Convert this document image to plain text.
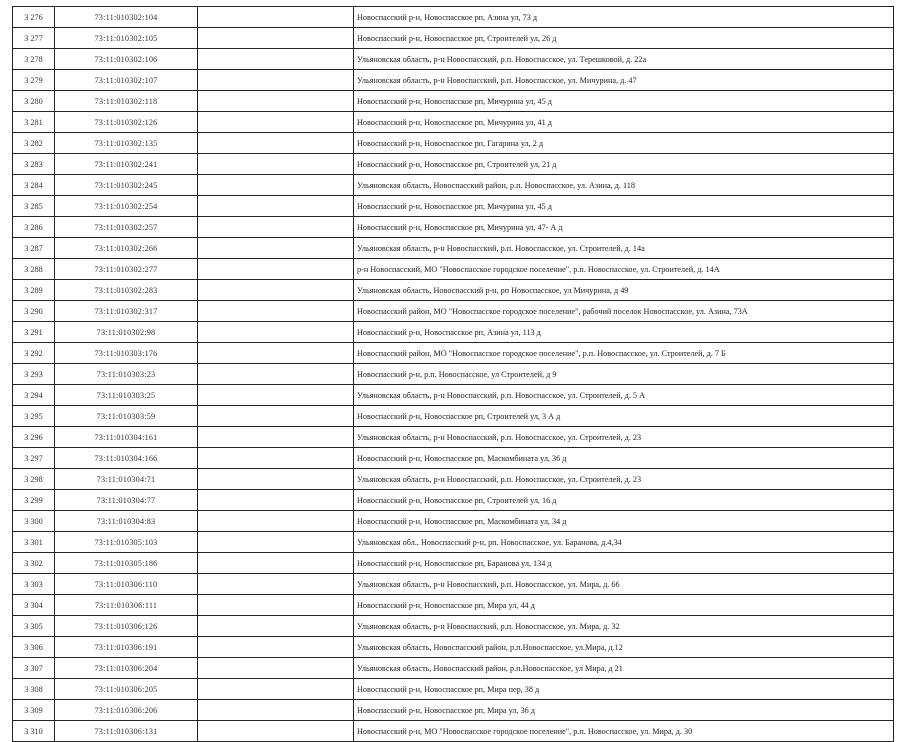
3 276	73:11:010302:104		Новоспасский р-н, Новоспасское рп, Азина ул, 73 д

3 277	73:11:010302:105		Новоспасский р-н, Новоспасское рп, Строителей ул, 26 д

3 278	73:11:010302:106		Ульяновская область, р-н Новоспасский, р.п. Новоспасское, ул. Терешковой, д. 22а

3 279	73:11:010302:107		Ульяновская область, р-н Новоспасский, р.п. Новоспасское, ул. Мичурина, д. 47

3 280	73:11:010302:118		Новоспасский р-н, Новоспасское рп, Мичурина ул, 45 д

3 281	73:11:010302:126		Новоспасский р-н, Новоспасское рп, Мичурина ул, 41 д

3 282	73:11:010302:135		Новоспасский р-н, Новоспасское рп, Гагарина ул, 2 д

3 283	73:11:010302:241		Новоспасский р-н, Новоспасское рп, Строителей ул, 21 д

3 284	73:11:010302:245		Ульяновская область, Новоспасский район, р.п. Новоспасское, ул. Азина, д. 118

3 285	73:11:010302:254		Новоспасский р-н, Новоспасское рп, Мичурина ул, 45 д

3 286	73:11:010302:257		Новоспасский р-н, Новоспасское рп, Мичурина ул, 47- А д

3 287	73:11:010302:266		Ульяновская область, р-н Новоспасский, р.п. Новоспасское, ул. Строителей, д. 14а

3 288	73:11:010302:277		р-н Новоспасский, МО "Новоспасское городское поселение", р.п. Новоспасское, ул. Строителей, д. 14А

3 289	73:11:010302:283		Ульяновская область, Новоспасский р-н, рп Новоспасское, ул Мичурина, д 49

3 290	73:11:010302:317		Новоспасский район, МО "Новоспасское городское поселение", рабочий поселок Новоспасское, ул. Азина, 73А

3 291	73:11:010302:98		Новоспасский р-н, Новоспасское рп, Азина ул, 113 д

3 292	73:11:010303:176		Новоспасский район, МО "Новоспасское городское поселение", р.п. Новоспасское, ул. Строителей, д. 7 Б

3 293	73:11:010303:23		Новоспасский р-н, р.п. Новоспасское, ул Строителей, д 9

3 294	73:11:010303:25		Ульяновская область, р-н Новоспасский, р.п. Новоспасское, ул. Строителей, д. 5 А

3 295	73:11:010303:59		Новоспасский р-н, Новоспасское рп, Строителей ул, 3 А д

3 296	73:11:010304:161		Ульяновская область, р-н Новоспасский, р.п. Новоспасское, ул. Строителей, д. 23

3 297	73:11:010304:166		Новоспасский р-н, Новоспасское рп, Маскомбината ул, 36 д

3 298	73:11:010304:71		Ульяновская область, р-н Новоспасский, р.п. Новоспасское, ул. Строителей, д. 23

3 299	73:11:010304:77		Новоспасский р-н, Новоспасское рп, Строителей ул, 16 д

3 300	73:11:010304:83		Новоспасский р-н, Новоспасское рп, Маскомбината ул, 34 д

3 301	73:11:010305:103		Ульяновская обл., Новоспасский р-н, рп. Новоспасское, ул. Баранова, д.4,34

3 302	73:11:010305:186		Новоспасский р-н, Новоспасское рп, Баранова ул, 134 д

3 303	73:11:010306:110		Ульяновская область, р-н Новоспасский, р.п. Новоспасское, ул. Мира, д. 66

3 304	73:11:010306:111		Новоспасский р-н, Новоспасское рп, Мира ул, 44 д

3 305	73:11:010306:126		Ульяновская область, р-н Новоспасский, р.п. Новоспасское, ул. Мира, д. 32

3 306	73:11:010306:191		Ульяновская область, Новоспасский район, р.п.Новоспасское, ул.Мира, д.12

3 307	73:11:010306:204		Ульяновская область, Новоспасский район, р.п.Новоспасское, ул Мира, д 21

3 308	73:11:010306:205		Новоспасский р-н, Новоспасское рп, Мира пер, 38 д

3 309	73:11:010306:206		Новоспасский р-н, Новоспасское рп, Мира ул, 36 д

3 310	73:11:010306:131		Новоспасский р-н, МО "Новоспасское городское поселение", р.п. Новоспасское, ул. Мира, д. 30
